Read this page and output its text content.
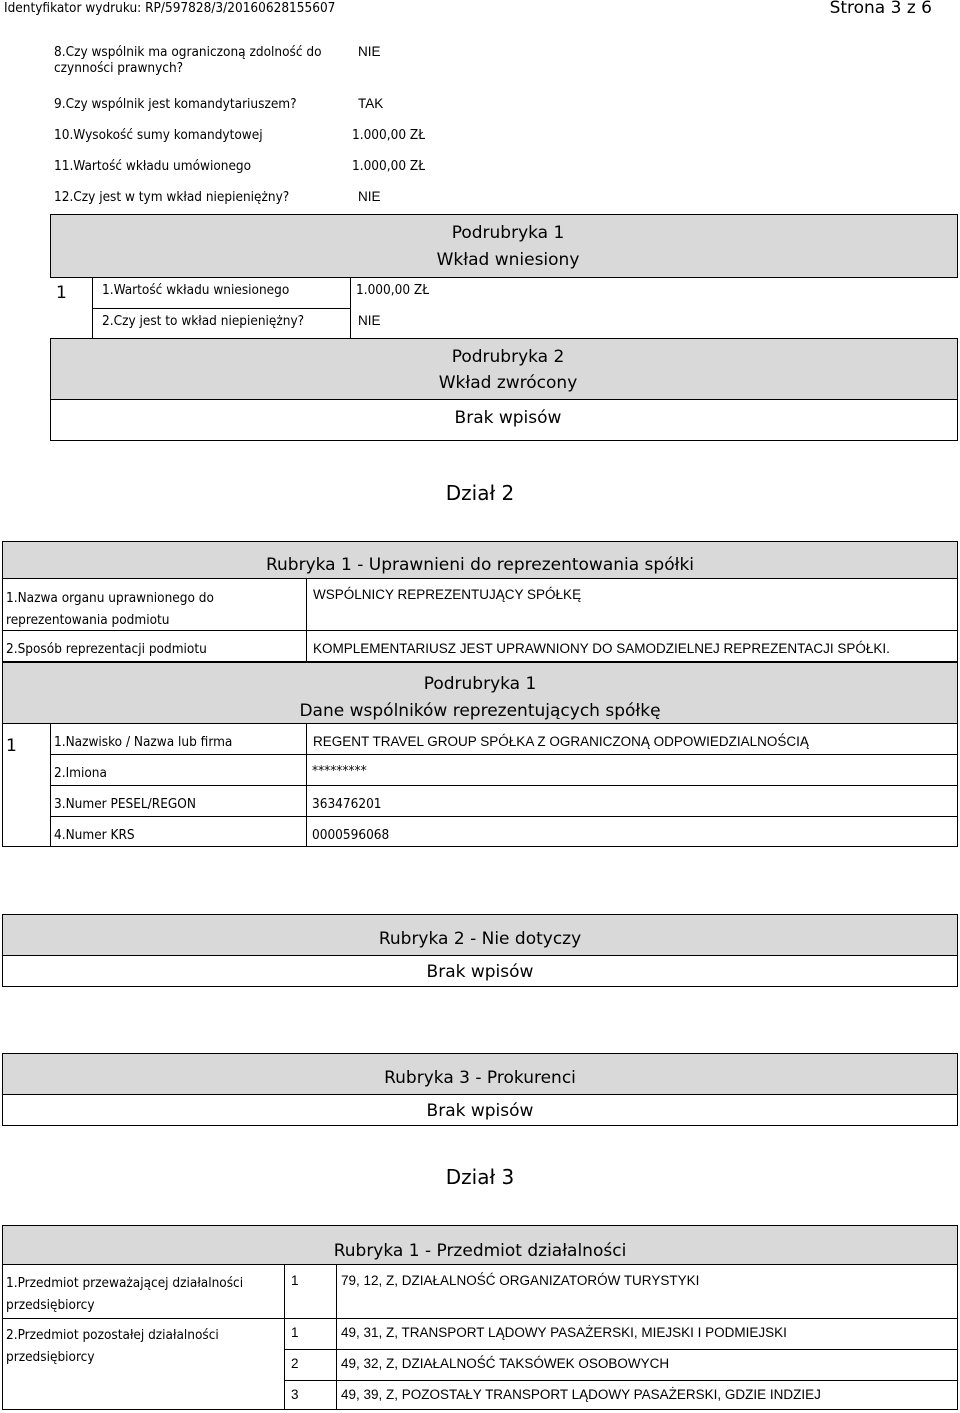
Identyfikator wydruku: RP/597828/3/20160628155607	Strona 3 z 6
8.Czy wspólnik ma ograniczoną zdolność do czynności prawnych?
NIE
9.Czy wspólnik jest komandytariuszem?	TAK
10.Wysokość sumy komandytowej	1.000,00 ZŁ
11.Wartość wkładu umówionego	1.000,00 ZŁ
12.Czy jest w tym wkład niepieniężny?	NIE
Podrubryka 1
Wkład wniesiony
1	1.Wartość wkładu wniesionego	1.000,00 ZŁ
2.Czy jest to wkład niepieniężny?	NIE
Podrubryka 2
Wkład zwrócony
Brak wpisów
Dział 2
Rubryka 1 - Uprawnieni do reprezentowania spółki
1.Nazwa organu uprawnionego do reprezentowania podmiotu
WSPÓLNICY REPREZENTUJĄCY SPÓŁKĘ
2.Sposób reprezentacji podmiotu	KOMPLEMENTARIUSZ JEST UPRAWNIONY DO SAMODZIELNEJ REPREZENTACJI SPÓŁKI.
Podrubryka 1
Dane wspólników reprezentujących spółkę
1	1.Nazwisko / Nazwa lub firma	REGENT TRAVEL GROUP SPÓŁKA Z OGRANICZONĄ ODPOWIEDZIALNOŚCIĄ
2.Imiona	*********
3.Numer PESEL/REGON	363476201
4.Numer KRS	0000596068
Rubryka 2 - Nie dotyczy
Brak wpisów
Rubryka 3 - Prokurenci
Brak wpisów
Dział 3
Rubryka 1 - Przedmiot działalności
1.Przedmiot przeważającej działalności przedsiębiorcy
1	79, 12, Z, DZIAŁALNOŚĆ ORGANIZATORÓW TURYSTYKI
2.Przedmiot pozostałej działalności przedsiębiorcy
1	49, 31, Z, TRANSPORT LĄDOWY PASAŻERSKI, MIEJSKI I PODMIEJSKI
2	49, 32, Z, DZIAŁALNOŚĆ TAKSÓWEK OSOBOWYCH
3	49, 39, Z, POZOSTAŁY TRANSPORT LĄDOWY PASAŻERSKI, GDZIE INDZIEJ
